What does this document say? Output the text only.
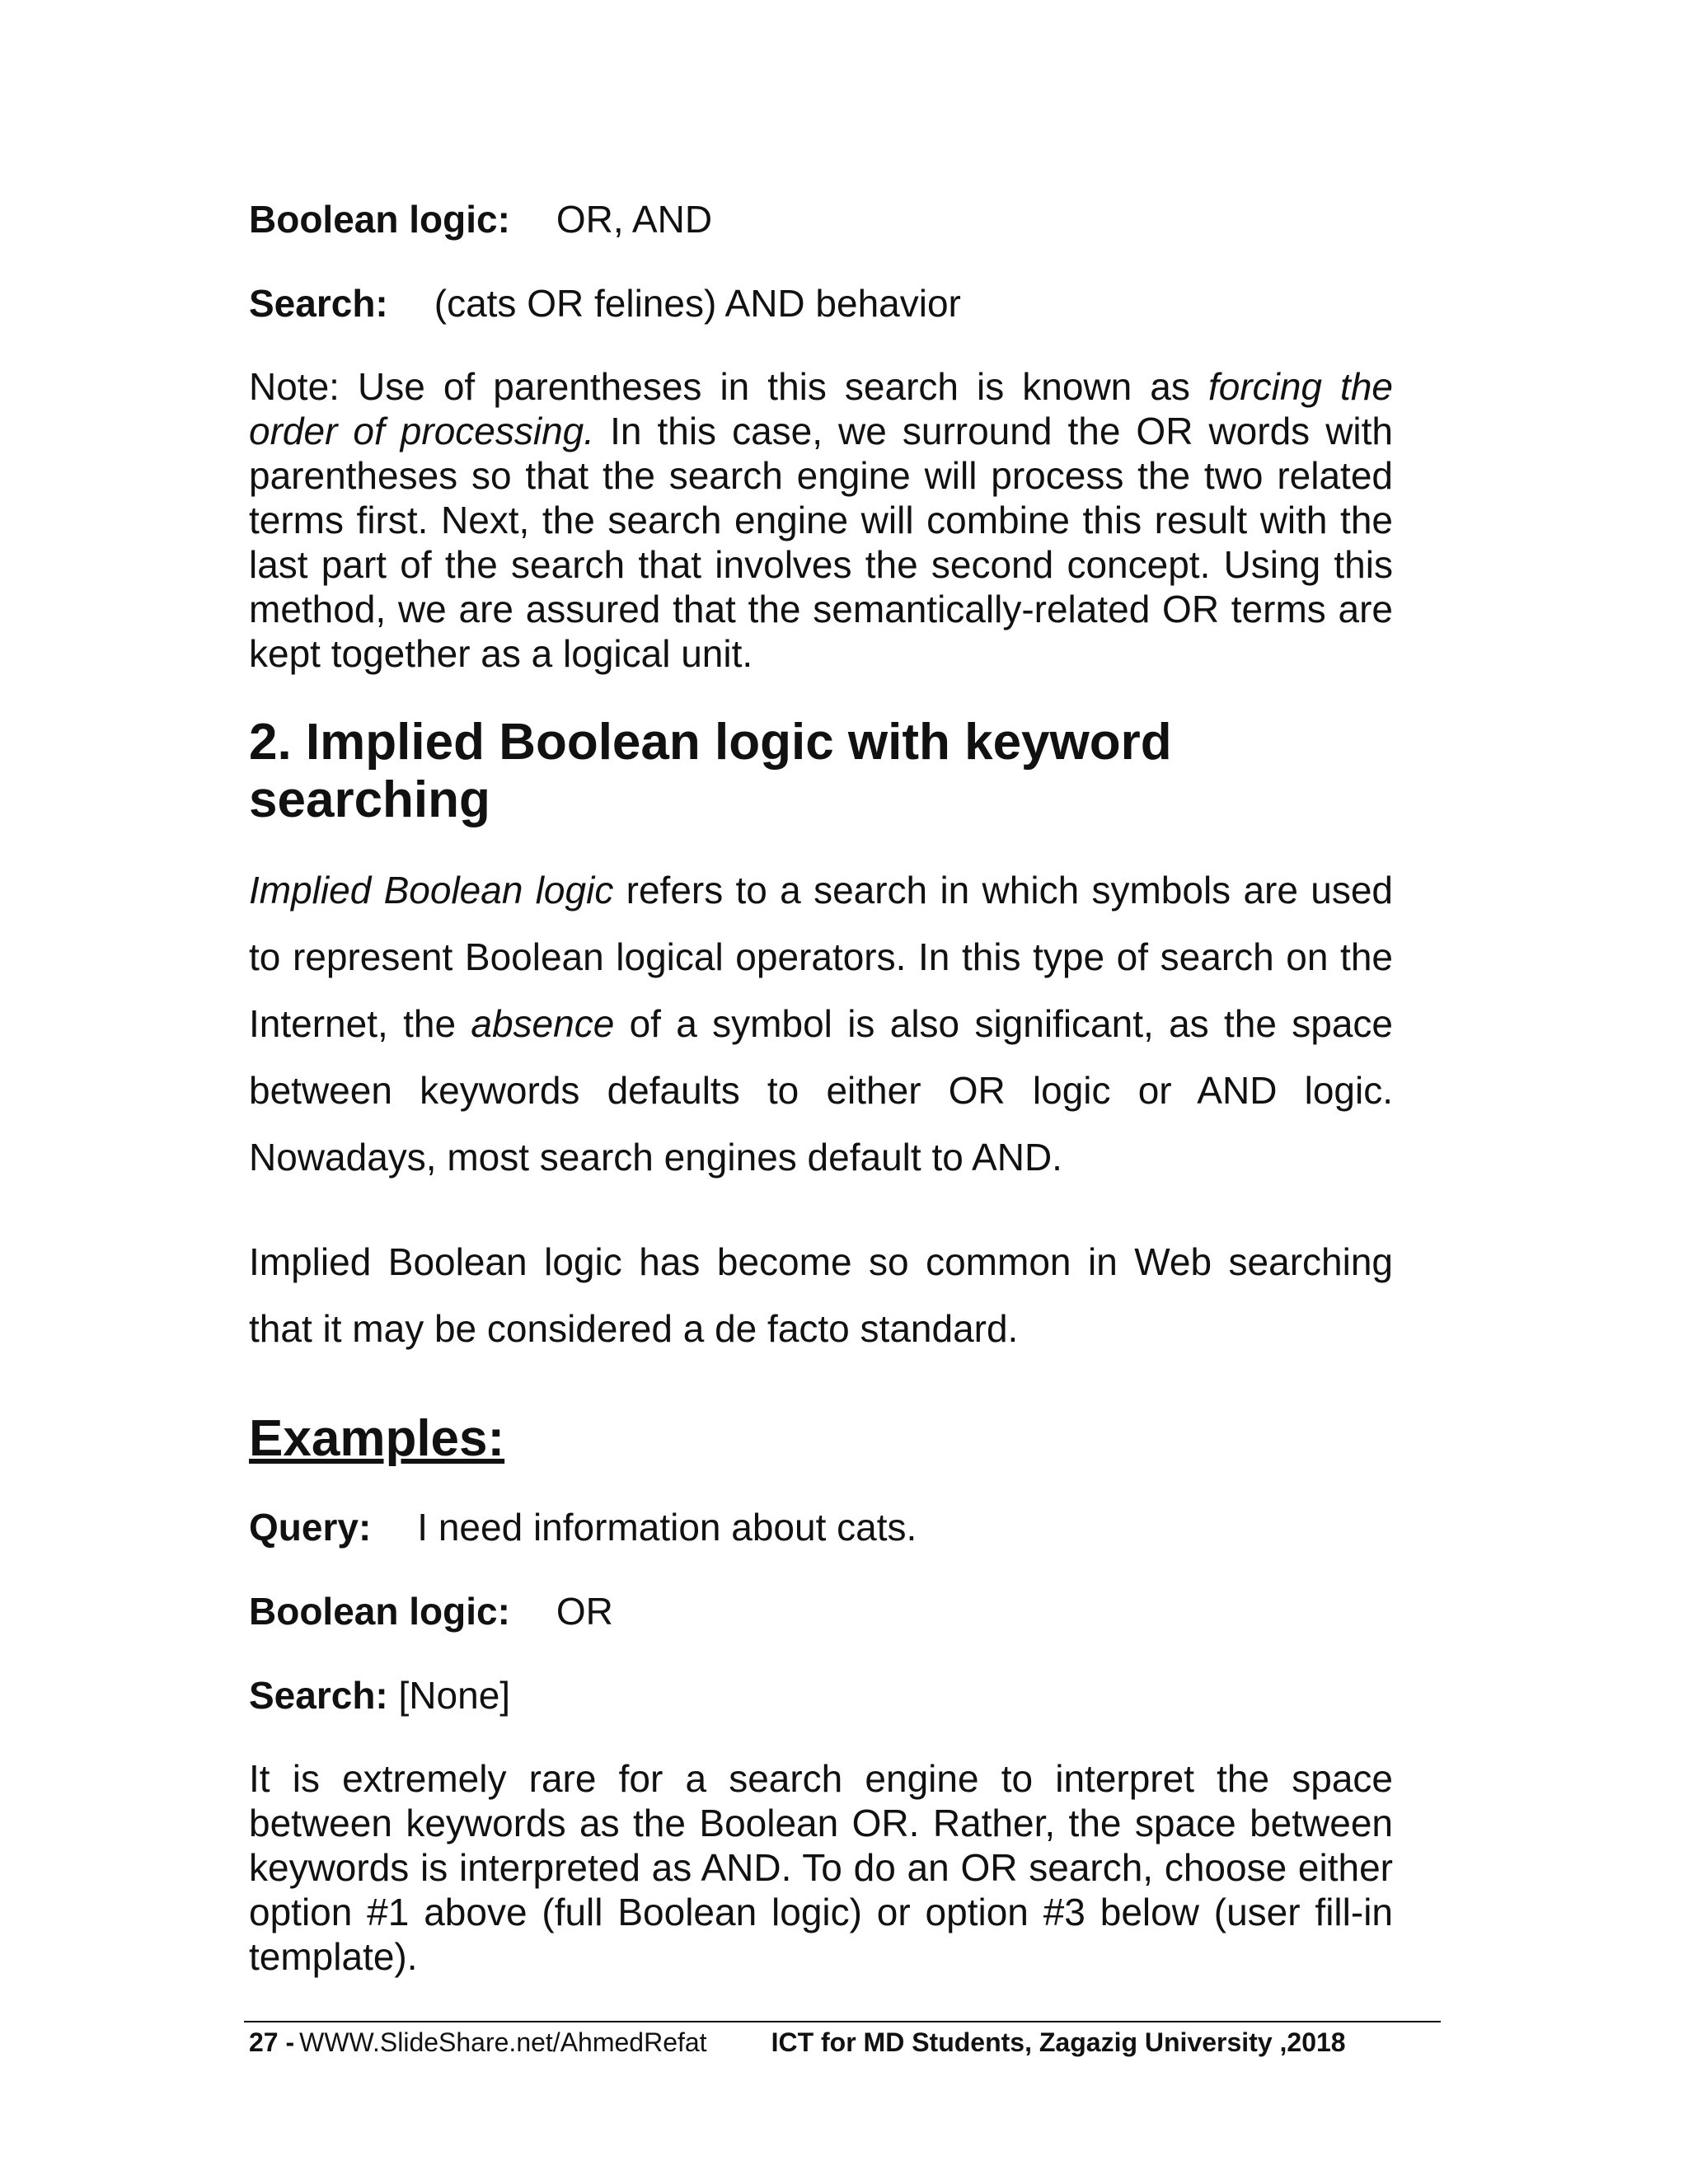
Boolean logic: OR, AND

Search: (cats OR felines) AND behavior

Note: Use of parentheses in this search is known as forcing the order of processing. In this case, we surround the OR words with parentheses so that the search engine will process the two related terms first. Next, the search engine will combine this result with the last part of the search that involves the second concept. Using this method, we are assured that the semantically-related OR terms are kept together as a logical unit.

2. Implied Boolean logic with keyword
searching

Implied Boolean logic refers to a search in which symbols are used to represent Boolean logical operators. In this type of search on the Internet, the absence of a symbol is also significant, as the space between keywords defaults to either OR logic or AND logic. Nowadays, most search engines default to AND.

Implied Boolean logic has become so common in Web searching that it may be considered a de facto standard.

Examples:

Query: I need information about cats.

Boolean logic: OR

Search: [None]

It is extremely rare for a search engine to interpret the space between keywords as the Boolean OR. Rather, the space between keywords is interpreted as AND. To do an OR search, choose either option #1 above (full Boolean logic) or option #3 below (user fill-in template).

27 - WWW.SlideShare.net/AhmedRefat ICT for MD Students, Zagazig University ,2018
